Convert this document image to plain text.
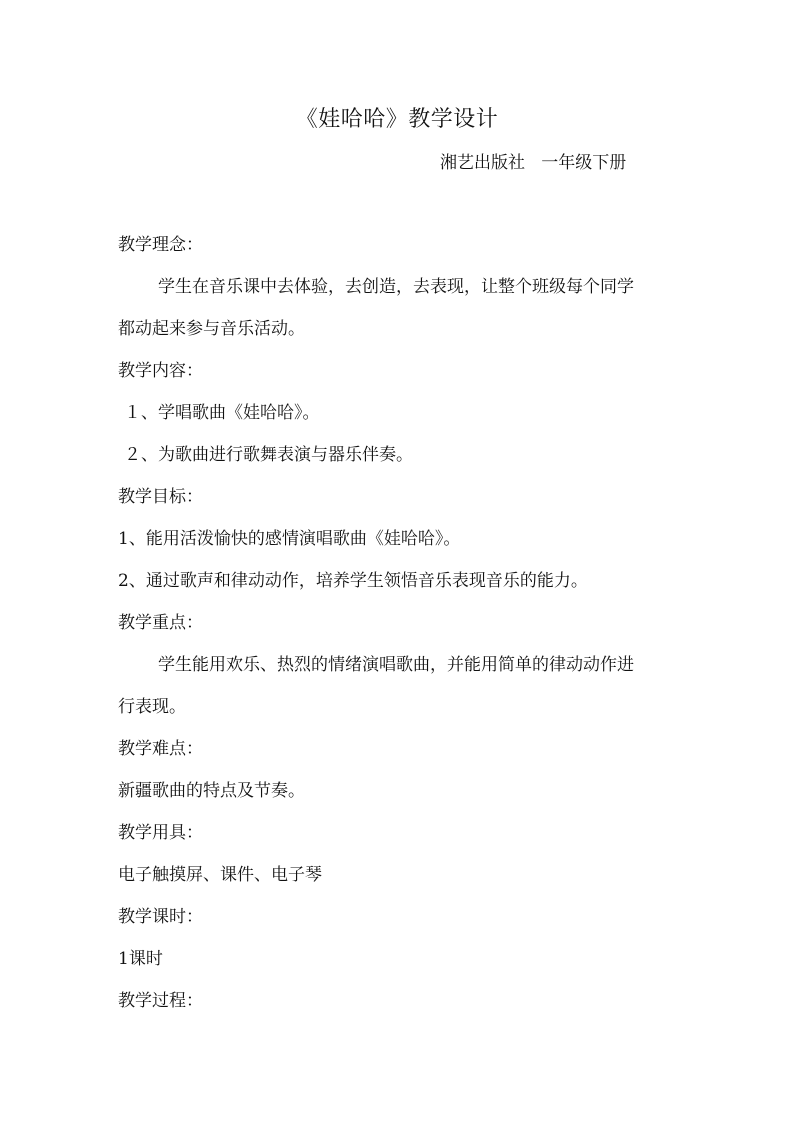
《娃哈哈》教学设计

湘艺出版社   一年级下册

教学理念：

学生在音乐课中去体验，去创造，去表现，让整个班级每个同学

都动起来参与音乐活动。

教学内容：

１、学唱歌曲《娃哈哈》。

２、为歌曲进行歌舞表演与器乐伴奏。

教学目标：

1、能用活泼愉快的感情演唱歌曲《娃哈哈》。

2、通过歌声和律动动作，培养学生领悟音乐表现音乐的能力。

教学重点：

学生能用欢乐、热烈的情绪演唱歌曲，并能用简单的律动动作进

行表现。

教学难点：

新疆歌曲的特点及节奏。

教学用具：

电子触摸屏、课件、电子琴

教学课时：

1课时

教学过程：
